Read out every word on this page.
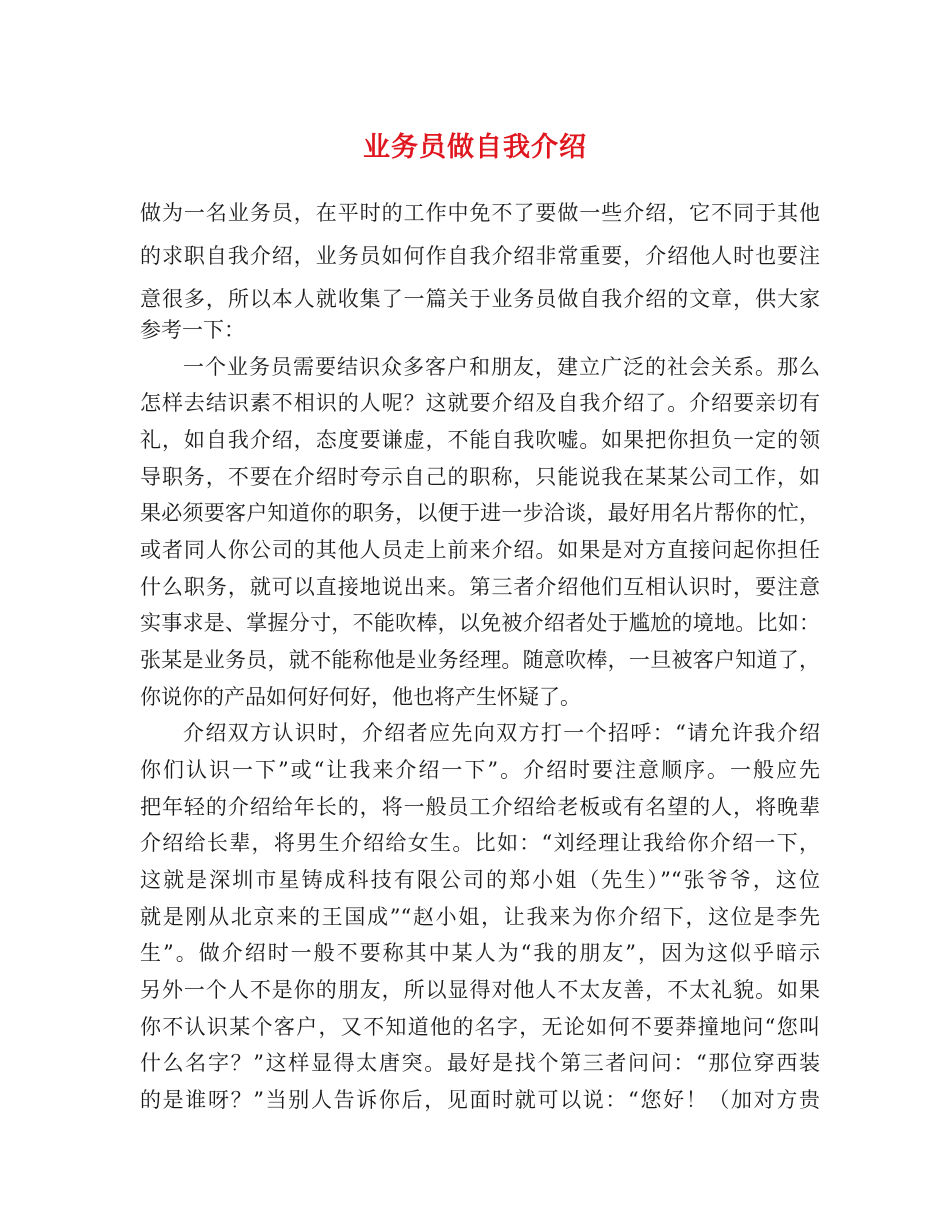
业务员做自我介绍
做为一名业务员，在平时的工作中免不了要做一些介绍，它不同于其他
的求职自我介绍，业务员如何作自我介绍非常重要，介绍他人时也要注
意很多，所以本人就收集了一篇关于业务员做自我介绍的文章，供大家
参考一下：
一个业务员需要结识众多客户和朋友，建立广泛的社会关系。那么
怎样去结识素不相识的人呢？这就要介绍及自我介绍了。介绍要亲切有
礼，如自我介绍，态度要谦虚，不能自我吹嘘。如果把你担负一定的领
导职务，不要在介绍时夸示自己的职称，只能说我在某某公司工作，如
果必须要客户知道你的职务，以便于进一步洽谈，最好用名片帮你的忙，
或者同人你公司的其他人员走上前来介绍。如果是对方直接问起你担任
什么职务，就可以直接地说出来。第三者介绍他们互相认识时，要注意
实事求是、掌握分寸，不能吹棒，以免被介绍者处于尴尬的境地。比如：
张某是业务员，就不能称他是业务经理。随意吹棒，一旦被客户知道了，
你说你的产品如何好何好，他也将产生怀疑了。
介绍双方认识时，介绍者应先向双方打一个招呼：“请允许我介绍
你们认识一下”或“让我来介绍一下”。介绍时要注意顺序。一般应先
把年轻的介绍给年长的，将一般员工介绍给老板或有名望的人，将晚辈
介绍给长辈，将男生介绍给女生。比如：“刘经理让我给你介绍一下，
这就是深圳市星铸成科技有限公司的郑小姐（先生）”“张爷爷，这位
就是刚从北京来的王国成”“赵小姐，让我来为你介绍下，这位是李先
生”。做介绍时一般不要称其中某人为“我的朋友”，因为这似乎暗示
另外一个人不是你的朋友，所以显得对他人不太友善，不太礼貌。如果
你不认识某个客户，又不知道他的名字，无论如何不要莽撞地问“您叫
什么名字？”这样显得太唐突。最好是找个第三者问问：“那位穿西装
的是谁呀？”当别人告诉你后，见面时就可以说：“您好！（加对方贵
